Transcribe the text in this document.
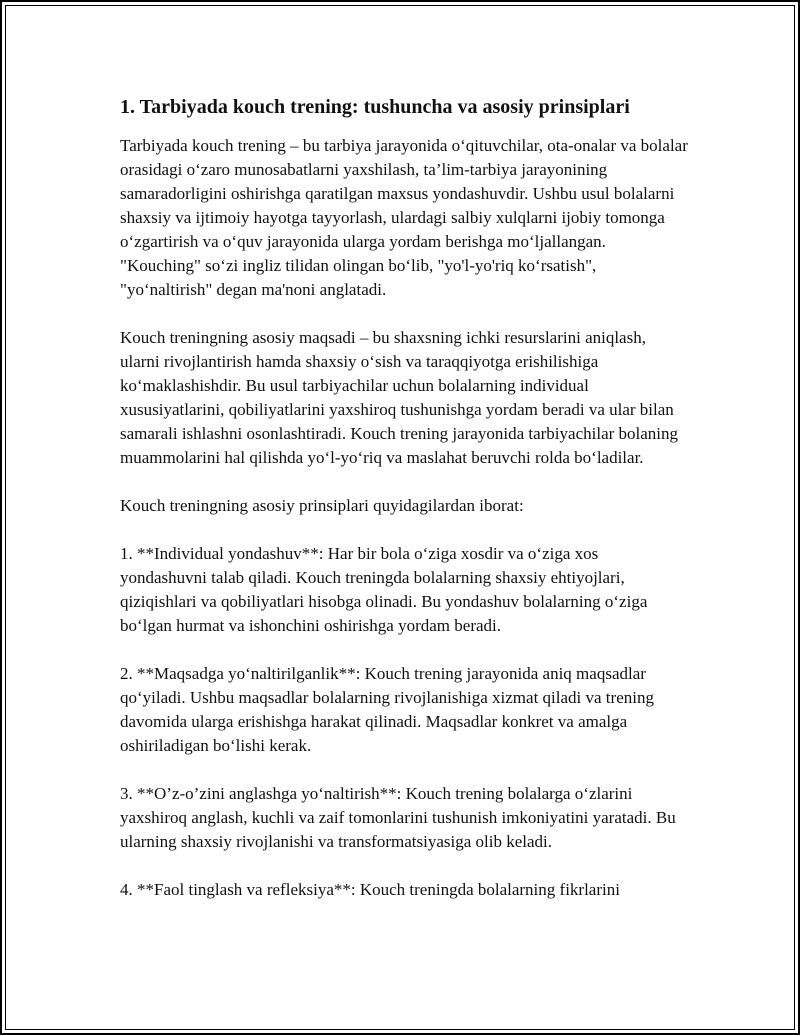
1. Tarbiyada kouch trening: tushuncha va asosiy prinsiplari

Tarbiyada kouch trening – bu tarbiya jarayonida o‘qituvchilar, ota-onalar va bolalar orasidagi o‘zaro munosabatlarni yaxshilash, ta’lim-tarbiya jarayonining samaradorligini oshirishga qaratilgan maxsus yondashuvdir. Ushbu usul bolalarni shaxsiy va ijtimoiy hayotga tayyorlash, ulardagi salbiy xulqlarni ijobiy tomonga o‘zgartirish va o‘quv jarayonida ularga yordam berishga mo‘ljallangan. "Kouching" so‘zi ingliz tilidan olingan bo‘lib, "yo'l-yo'riq ko‘rsatish", "yo‘naltirish" degan ma'noni anglatadi.

Kouch treningning asosiy maqsadi – bu shaxsning ichki resurslarini aniqlash, ularni rivojlantirish hamda shaxsiy o‘sish va taraqqiyotga erishilishiga ko‘maklashishdir. Bu usul tarbiyachilar uchun bolalarning individual xususiyatlarini, qobiliyatlarini yaxshiroq tushunishga yordam beradi va ular bilan samarali ishlashni osonlashtiradi. Kouch trening jarayonida tarbiyachilar bolaning muammolarini hal qilishda yo‘l-yo‘riq va maslahat beruvchi rolda bo‘ladilar.

Kouch treningning asosiy prinsiplari quyidagilardan iborat:

1. **Individual yondashuv**: Har bir bola o‘ziga xosdir va o‘ziga xos yondashuvni talab qiladi. Kouch treningda bolalarning shaxsiy ehtiyojlari, qiziqishlari va qobiliyatlari hisobga olinadi. Bu yondashuv bolalarning o‘ziga bo‘lgan hurmat va ishonchini oshirishga yordam beradi.

2. **Maqsadga yo‘naltirilganlik**: Kouch trening jarayonida aniq maqsadlar qo‘yiladi. Ushbu maqsadlar bolalarning rivojlanishiga xizmat qiladi va trening davomida ularga erishishga harakat qilinadi. Maqsadlar konkret va amalga oshiriladigan bo‘lishi kerak.

3. **O’z-o’zini anglashga yo‘naltirish**: Kouch trening bolalarga o‘zlarini yaxshiroq anglash, kuchli va zaif tomonlarini tushunish imkoniyatini yaratadi. Bu ularning shaxsiy rivojlanishi va transformatsiyasiga olib keladi.

4. **Faol tinglash va refleksiya**: Kouch treningda bolalarning fikrlarini
